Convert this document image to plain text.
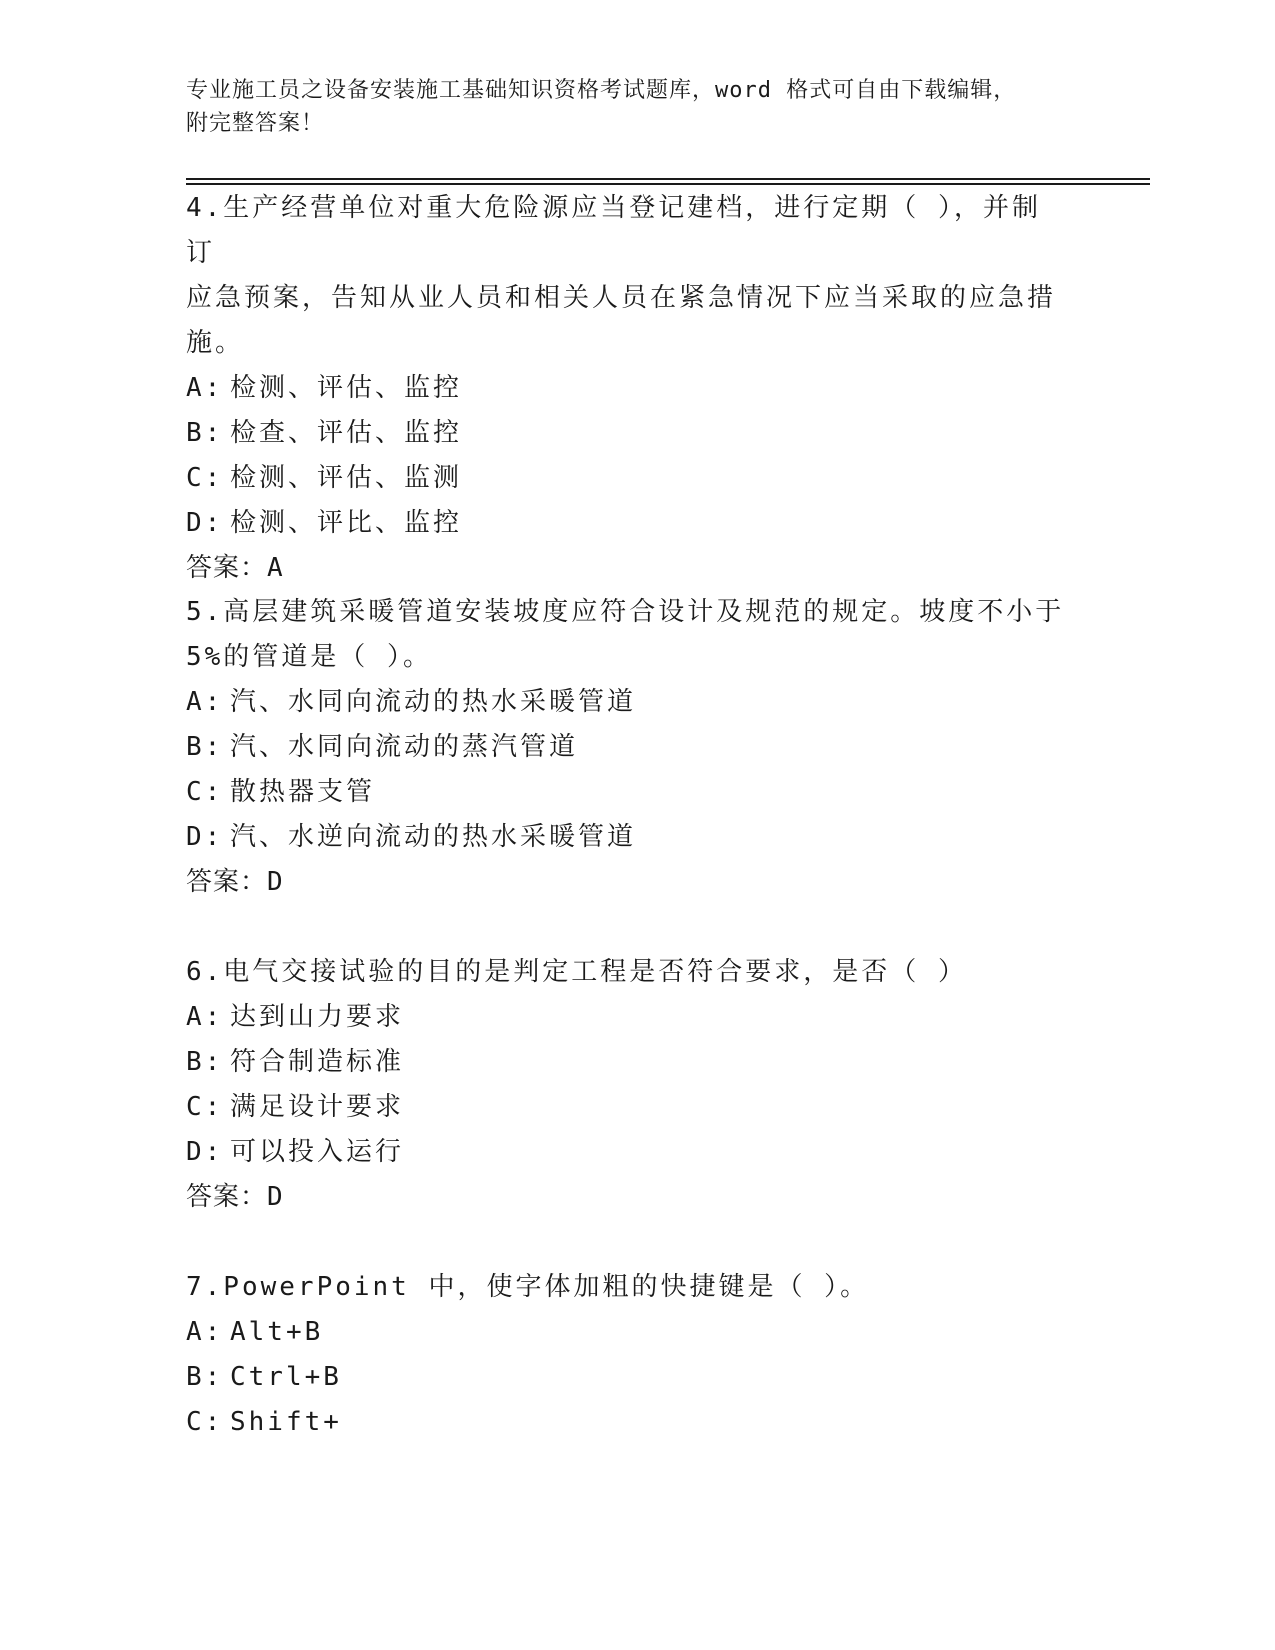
专业施工员之设备安装施工基础知识资格考试题库，word 格式可自由下载编辑，
附完整答案！
4.生产经营单位对重大危险源应当登记建档，进行定期（ ），并制订
应急预案，告知从业人员和相关人员在紧急情况下应当采取的应急措
施。
A: 检测、评估、监控
B: 检查、评估、监控
C: 检测、评估、监测
D: 检测、评比、监控
答案：A
5.高层建筑采暖管道安装坡度应符合设计及规范的规定。坡度不小于
5%的管道是（ ）。
A: 汽、水同向流动的热水采暖管道
B: 汽、水同向流动的蒸汽管道
C: 散热器支管
D: 汽、水逆向流动的热水采暖管道
答案：D
6.电气交接试验的目的是判定工程是否符合要求，是否（ ）
A: 达到山力要求
B: 符合制造标准
C: 满足设计要求
D: 可以投入运行
答案：D
7.PowerPoint 中，使字体加粗的快捷键是（ ）。
A: Alt+B
B: Ctrl+B
C: Shift+
